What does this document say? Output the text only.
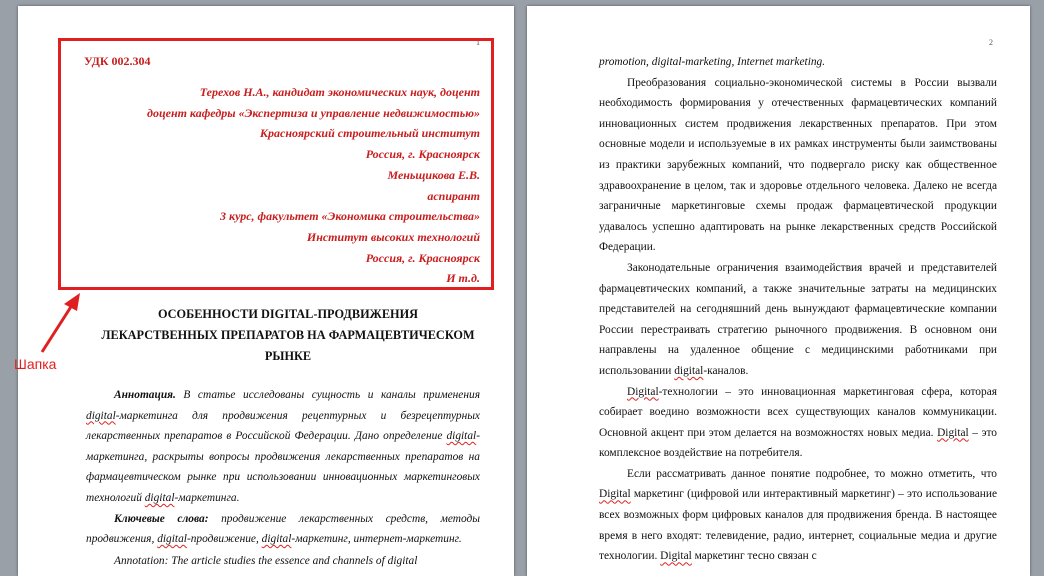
1
УДК 002.304
Терехов Н.А., кандидат экономических наук, доцент
доцент кафедры «Экспертиза и управление недвижимостью»
Красноярский строительный институт
Россия, г. Красноярск
Меньщикова Е.В.
аспирант
3 курс, факультет «Экономика строительства»
Институт высоких технологий
Россия, г. Красноярск
И т.д.
ОСОБЕННОСТИ DIGITAL-ПРОДВИЖЕНИЯ
ЛЕКАРСТВЕННЫХ ПРЕПАРАТОВ НА ФАРМАЦЕВТИЧЕСКОМ
РЫНКЕ

Аннотация. В статье исследованы сущность и каналы применения digital-маркетинга для продвижения рецептурных и безрецептурных лекарственных препаратов в Российской Федерации. Дано определение digital-маркетинга, раскрыты вопросы продвижения лекарственных препаратов на фармацевтическом рынке при использовании инновационных маркетинговых технологий digital-маркетинга.

Ключевые слова: продвижение лекарственных средств, методы продвижения, digital-продвижение, digital-маркетинг, интернет-маркетинг.

Annotation: The article studies the essence and channels of digital
2

promotion, digital-marketing, Internet marketing.

Преобразования социально-экономической системы в России вызвали необходимость формирования у отечественных фармацевтических компаний инновационных систем продвижения лекарственных препаратов. При этом основные модели и используемые в их рамках инструменты были заимствованы из практики зарубежных компаний, что подвергало риску как общественное здравоохранение в целом, так и здоровье отдельного человека. Далеко не всегда заграничные маркетинговые схемы продаж фармацевтической продукции удавалось успешно адаптировать на рынке лекарственных средств Российской Федерации.

Законодательные ограничения взаимодействия врачей и представителей фармацевтических компаний, а также значительные затраты на медицинских представителей на сегодняшний день вынуждают фармацевтические компании России перестраивать стратегию рыночного продвижения. В основном они направлены на удаленное общение с медицинскими работниками при использовании digital-каналов.

Digital-технологии – это инновационная маркетинговая сфера, которая собирает воедино возможности всех существующих каналов коммуникации. Основной акцент при этом делается на возможностях новых медиа. Digital – это комплексное воздействие на потребителя.

Если рассматривать данное понятие подробнее, то можно отметить, что Digital маркетинг (цифровой или интерактивный маркетинг) – это использование всех возможных форм цифровых каналов для продвижения бренда. В настоящее время в него входят: телевидение, радио, интернет, социальные медиа и другие технологии. Digital маркетинг тесно связан с

Шапка
